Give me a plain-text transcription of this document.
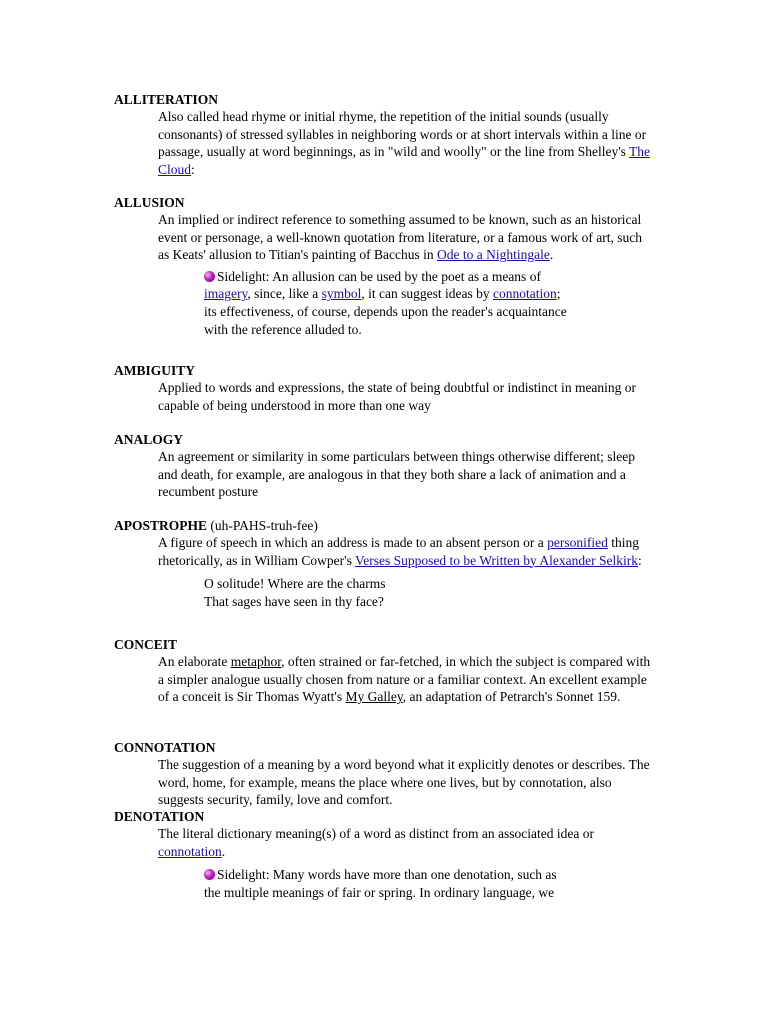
ALLITERATION
Also called head rhyme or initial rhyme, the repetition of the initial sounds (usually consonants) of stressed syllables in neighboring words or at short intervals within a line or passage, usually at word beginnings, as in "wild and woolly" or the line from Shelley's The Cloud:
ALLUSION
An implied or indirect reference to something assumed to be known, such as an historical event or personage, a well-known quotation from literature, or a famous work of art, such as Keats' allusion to Titian's painting of Bacchus in Ode to a Nightingale.
Sidelight: An allusion can be used by the poet as a means of
imagery, since, like a symbol, it can suggest ideas by connotation;
its effectiveness, of course, depends upon the reader's acquaintance
with the reference alluded to.
AMBIGUITY
Applied to words and expressions, the state of being doubtful or indistinct in meaning or capable of being understood in more than one way
ANALOGY
An agreement or similarity in some particulars between things otherwise different; sleep and death, for example, are analogous in that they both share a lack of animation and a recumbent posture
APOSTROPHE (uh-PAHS-truh-fee)
A figure of speech in which an address is made to an absent person or a personified thing rhetorically, as in William Cowper's Verses Supposed to be Written by Alexander Selkirk:
O solitude! Where are the charms
That sages have seen in thy face?
CONCEIT
An elaborate metaphor, often strained or far-fetched, in which the subject is compared with a simpler analogue usually chosen from nature or a familiar context. An excellent example of a conceit is Sir Thomas Wyatt's My Galley, an adaptation of Petrarch's Sonnet 159.
CONNOTATION
The suggestion of a meaning by a word beyond what it explicitly denotes or describes. The word, home, for example, means the place where one lives, but by connotation, also suggests security, family, love and comfort.
DENOTATION
The literal dictionary meaning(s) of a word as distinct from an associated idea or connotation.
Sidelight: Many words have more than one denotation, such as
the multiple meanings of fair or spring. In ordinary language, we
